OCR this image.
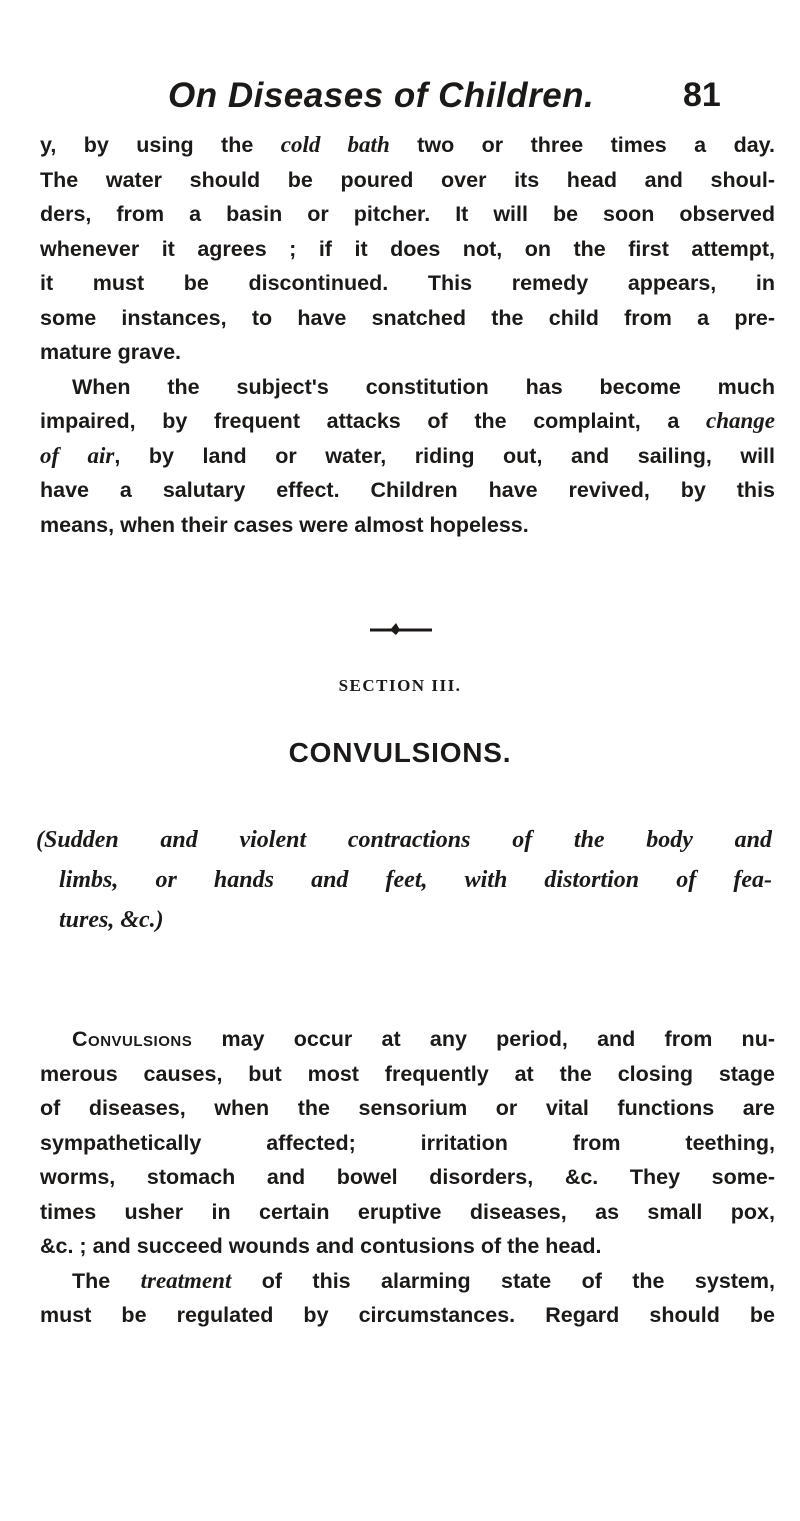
On Diseases of Children.	81
y, by using the cold bath two or three times a day.
The water should be poured over its head and shoul-
ders, from a basin or pitcher. It will be soon observed
whenever it agrees ; if it does not, on the first attempt,
it must be discontinued. This remedy appears, in
some instances, to have snatched the child from a pre-
mature grave.
When the subject's constitution has become much
impaired, by frequent attacks of the complaint, a change
of air, by land or water, riding out, and sailing, will
have a salutary effect. Children have revived, by this
means, when their cases were almost hopeless.
SECTION III.
CONVULSIONS.
(Sudden and violent contractions of the body and
limbs, or hands and feet, with distortion of fea-
tures, &c.)
Convulsions may occur at any period, and from nu-
merous causes, but most frequently at the closing stage
of diseases, when the sensorium or vital functions are
sympathetically affected; irritation from teething,
worms, stomach and bowel disorders, &c. They some-
times usher in certain eruptive diseases, as small pox,
&c. ; and succeed wounds and contusions of the head.
The treatment of this alarming state of the system,
must be regulated by circumstances. Regard should be
